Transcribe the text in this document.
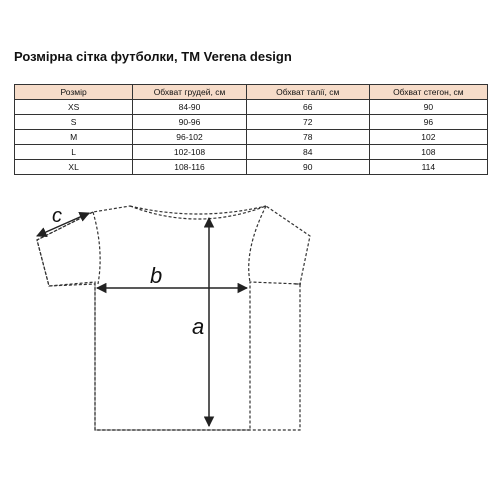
Розмірна сітка футболки, TM Verena design
Розмір	Обхват грудей, см	Обхват талії, см	Обхват стегон, см
XS	84-90	66	90
S	90-96	72	96
M	96-102	78	102
L	102-108	84	108
XL	108-116	90	114
c
b
a
